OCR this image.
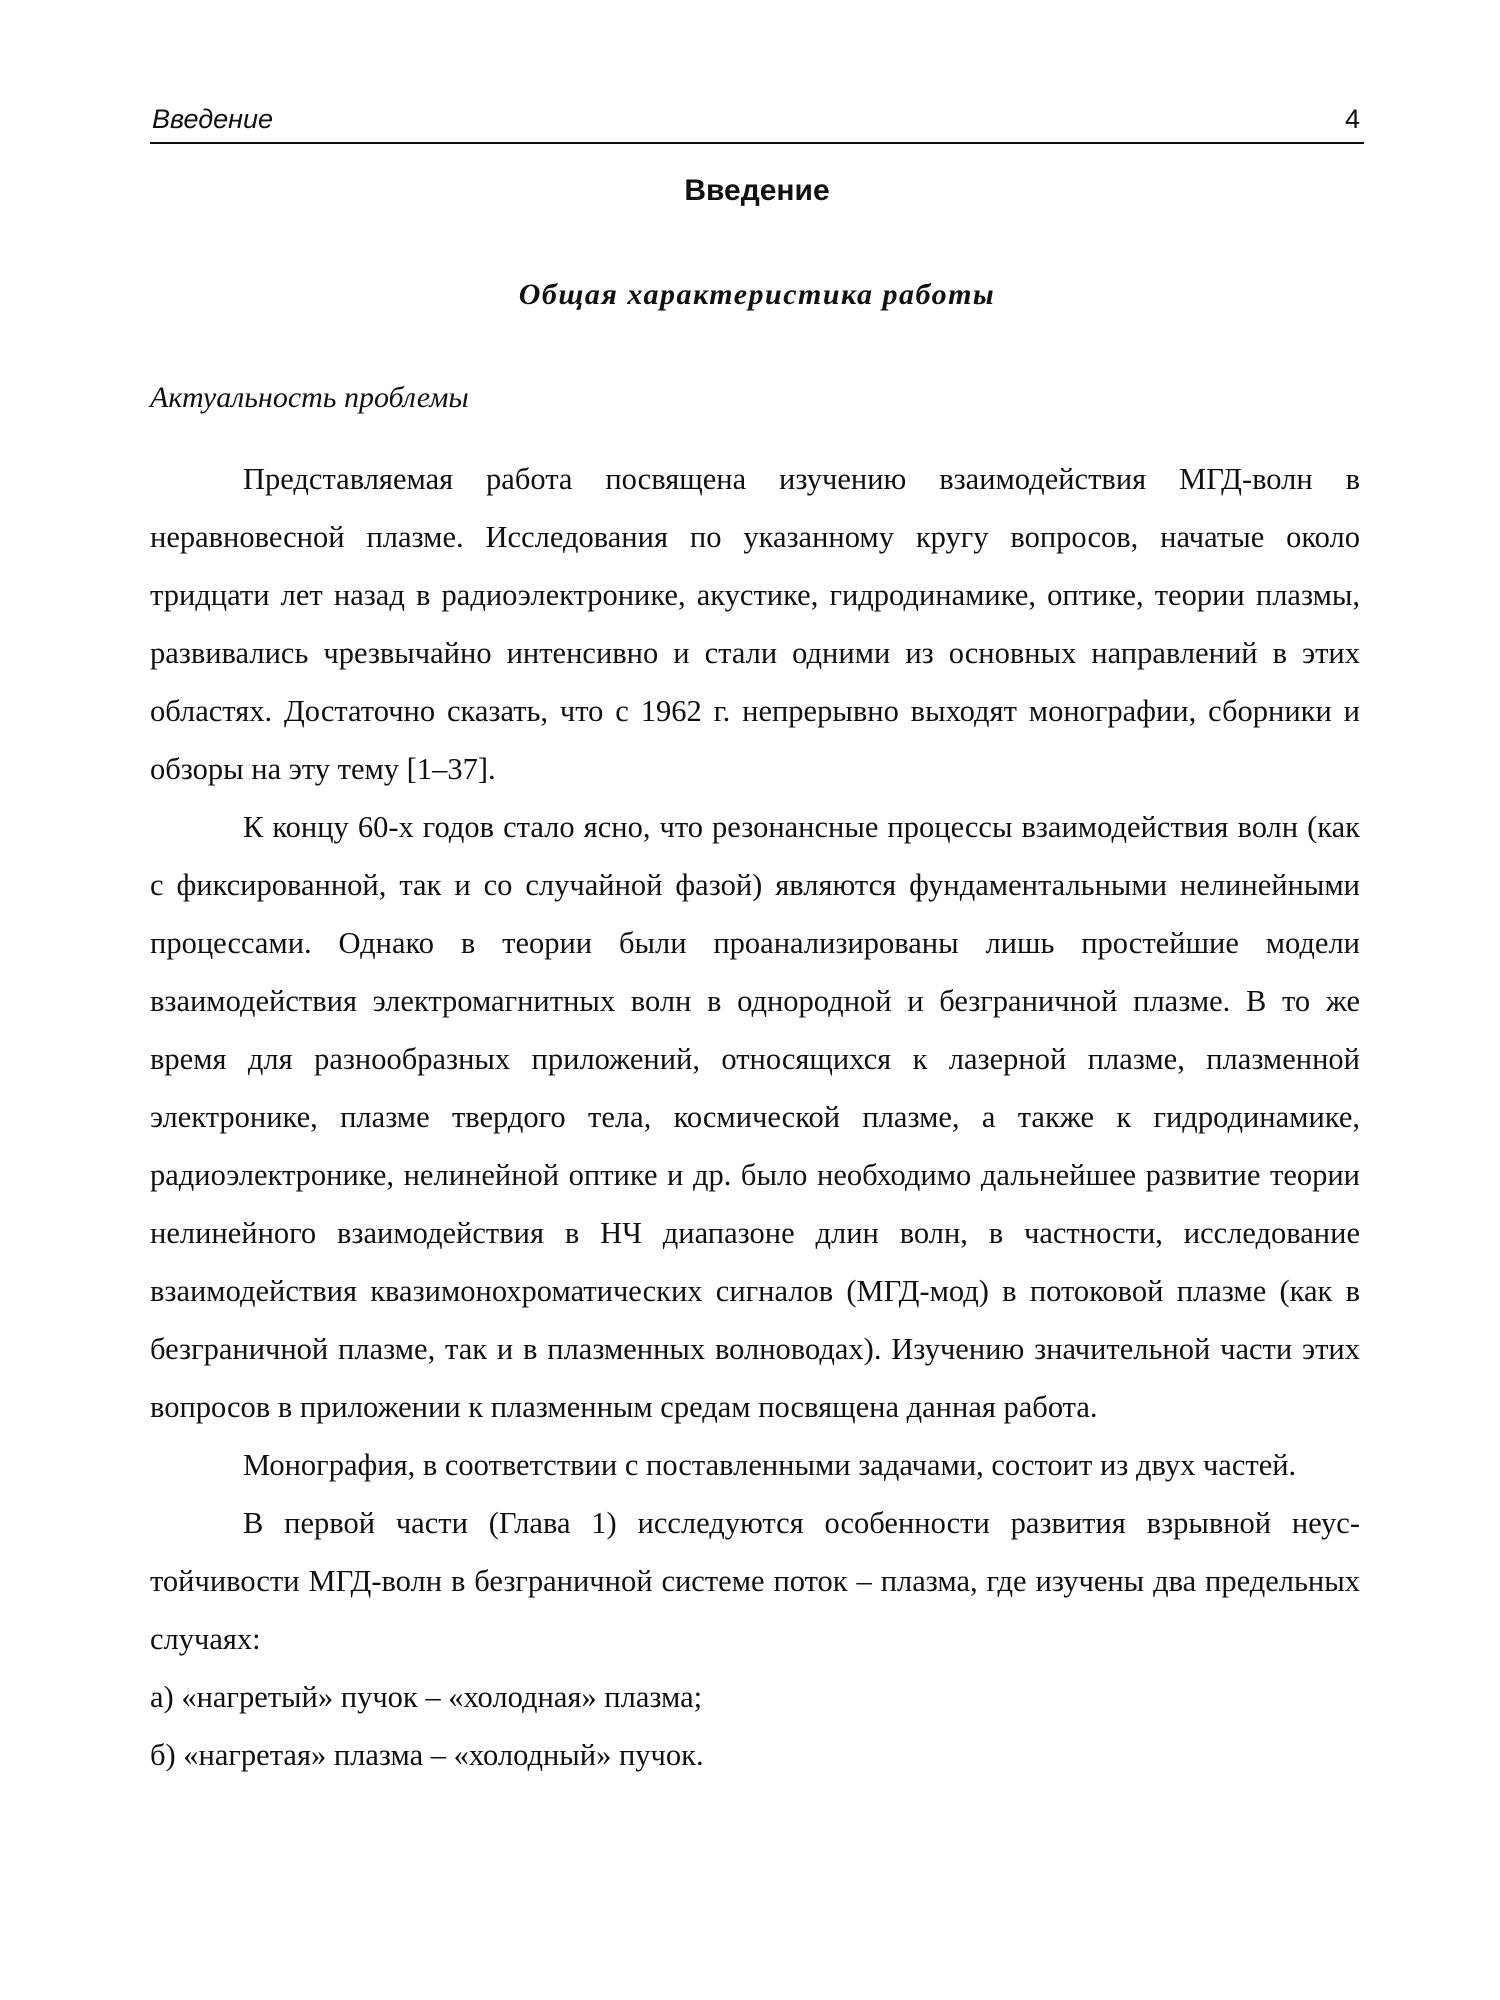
Введение	4
Введение
Общая характеристика работы
Актуальность проблемы

Представляемая работа посвящена изучению взаимодействия МГД-волн в неравновесной плазме. Исследования по указанному кругу вопросов, начатые около тридцати лет назад в радиоэлектронике, акустике, гидродинамике, оптике, теории плазмы, развивались чрезвычайно интенсивно и стали одними из основных направлений в этих областях. Достаточно сказать, что с 1962 г. непрерывно выходят монографии, сборники и обзоры на эту тему [1–37].

К концу 60-х годов стало ясно, что резонансные процессы взаимодействия волн (как с фиксированной, так и со случайной фазой) являются фундаментальными нелинейными процессами. Однако в теории были проанализированы лишь простейшие модели взаимодействия электромагнитных волн в однородной и безграничной плазме. В то же время для разнообразных приложений, относящихся к лазерной плазме, плазменной электронике, плазме твердого тела, космической плазме, а также к гидродинамике, радиоэлектронике, нелинейной оптике и др. было необходимо дальнейшее развитие теории нелинейного взаимодействия в НЧ диапазоне длин волн, в частности, исследование взаимодействия квазимонохроматических сигналов (МГД-мод) в потоковой плазме (как в безграничной плазме, так и в плазменных волноводах). Изучению значительной части этих вопросов в приложении к плазменным средам посвящена данная работа.

Монография, в соответствии с поставленными задачами, состоит из двух частей.

В первой части (Глава 1) исследуются особенности развития взрывной неустойчивости МГД-волн в безграничной системе поток – плазма, где изучены два предельных случаях:

а) «нагретый» пучок – «холодная» плазма;

б) «нагретая» плазма – «холодный» пучок.
